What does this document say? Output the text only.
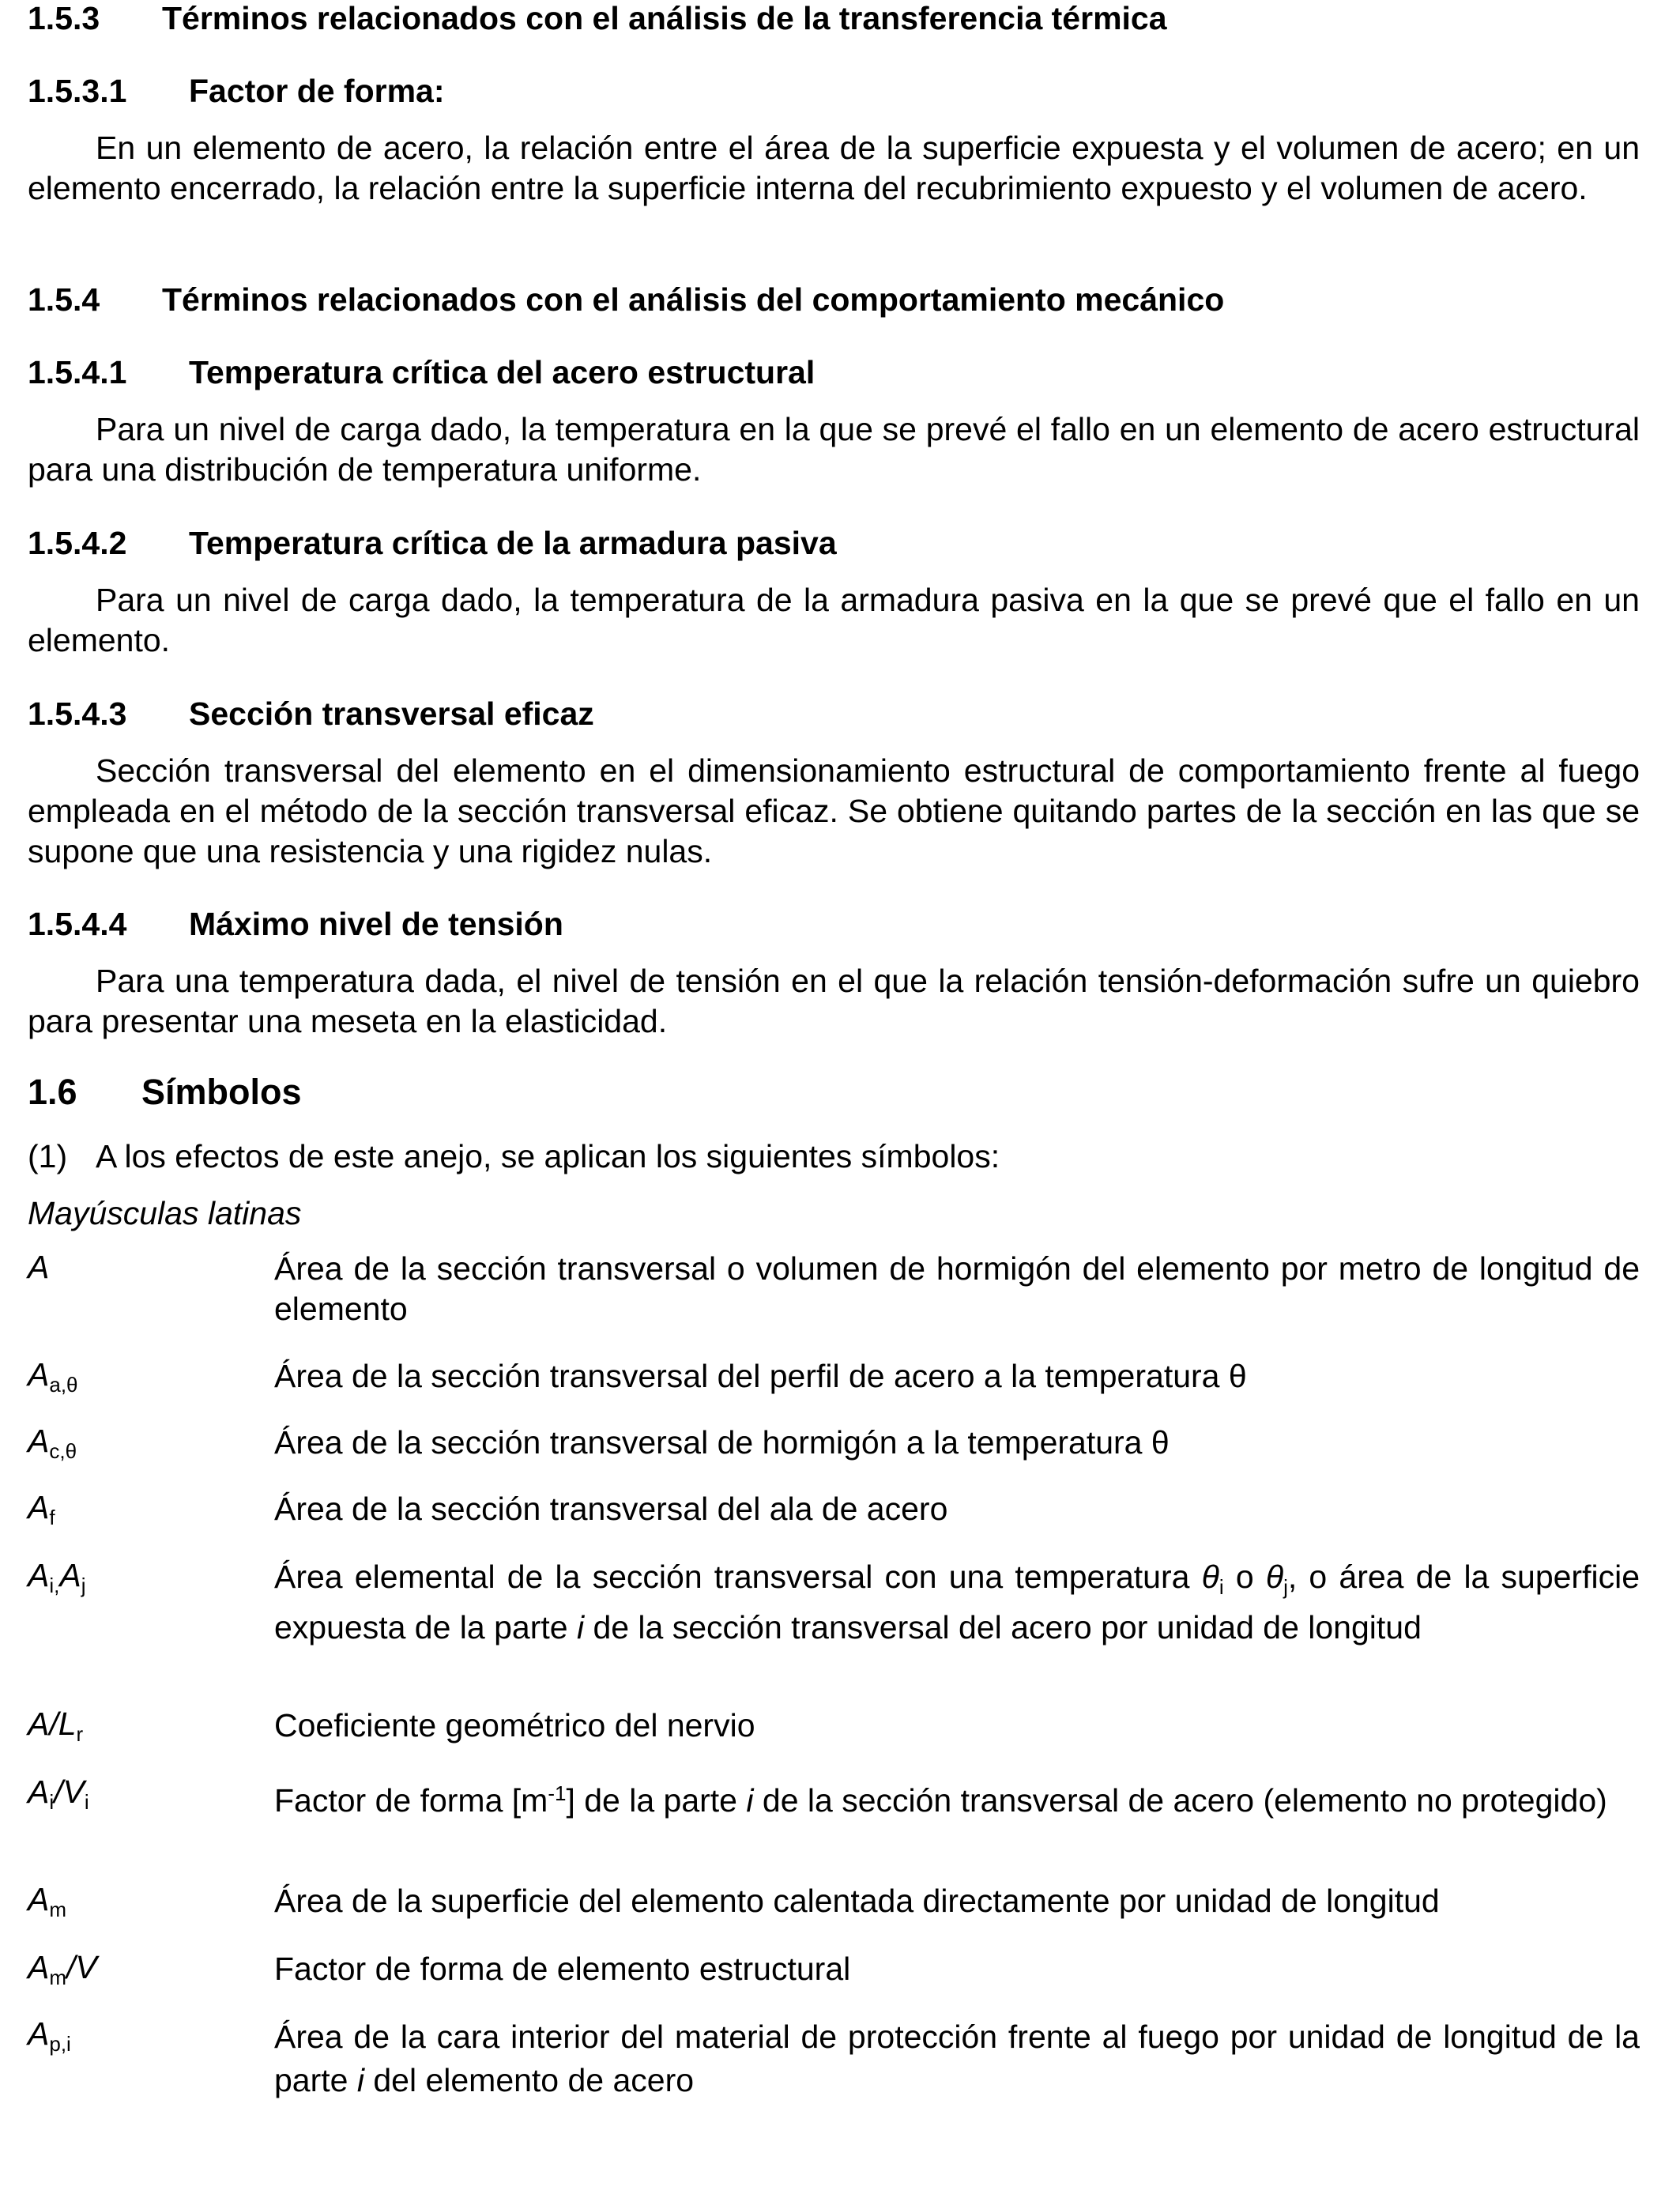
1.5.3 Términos relacionados con el análisis de la transferencia térmica
1.5.3.1 Factor de forma:
En un elemento de acero, la relación entre el área de la superficie expuesta y el volumen de acero; en un elemento encerrado, la relación entre la superficie interna del recubrimiento expuesto y el volumen de acero.
1.5.4 Términos relacionados con el análisis del comportamiento mecánico
1.5.4.1 Temperatura crítica del acero estructural
Para un nivel de carga dado, la temperatura en la que se prevé el fallo en un elemento de acero estructural para una distribución de temperatura uniforme.
1.5.4.2 Temperatura crítica de la armadura pasiva
Para un nivel de carga dado, la temperatura de la armadura pasiva en la que se prevé que el fallo en un elemento.
1.5.4.3 Sección transversal eficaz
Sección transversal del elemento en el dimensionamiento estructural de comportamiento frente al fuego empleada en el método de la sección transversal eficaz. Se obtiene quitando partes de la sección en las que se supone que una resistencia y una rigidez nulas.
1.5.4.4 Máximo nivel de tensión
Para una temperatura dada, el nivel de tensión en el que la relación tensión-deformación sufre un quiebro para presentar una meseta en la elasticidad.
1.6 Símbolos
(1) A los efectos de este anejo, se aplican los siguientes símbolos:
Mayúsculas latinas
A	Área de la sección transversal o volumen de hormigón del elemento por metro de longitud de elemento
$A_{a,\theta}$	Área de la sección transversal del perfil de acero a la temperatura θ
$A_{c,\theta}$	Área de la sección transversal de hormigón a la temperatura θ
$A_f$	Área de la sección transversal del ala de acero
$A_{i,}A_j$	Área elemental de la sección transversal con una temperatura $\theta_i$ o $\theta_j$, o área de la superficie expuesta de la parte i de la sección transversal del acero por unidad de longitud
$A/L_r$	Coeficiente geométrico del nervio
$A_i/V_i$	Factor de forma $[m^{-1}]$ de la parte i de la sección transversal de acero (elemento no protegido)
$A_m$	Área de la superficie del elemento calentada directamente por unidad de longitud
$A_m/V$	Factor de forma de elemento estructural
$A_{p,i}$	Área de la cara interior del material de protección frente al fuego por unidad de longitud de la parte i del elemento de acero
